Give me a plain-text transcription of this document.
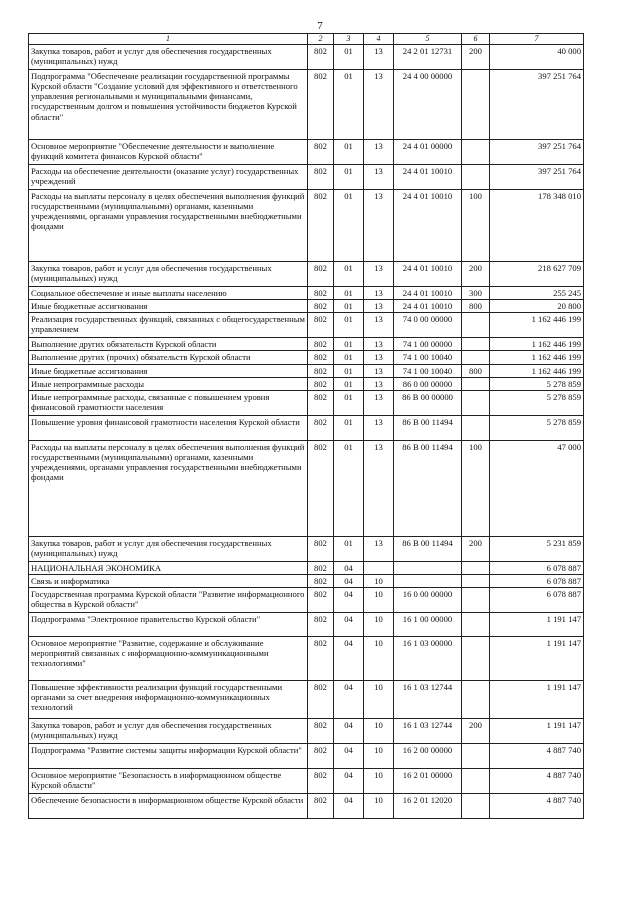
7
1	2	3	4	5	6	7
Закупка товаров, работ и услуг для обеспечения государственных (муниципальных) нужд	802	01	13	24 2 01 12731	200	40 000
Подпрограмма "Обеспечение реализации государственной программы Курской области "Создание условий для эффективного и ответственного управления региональными и муниципальными финансами, государственным долгом и повышения устойчивости бюджетов Курской области"	802	01	13	24 4 00 00000		397 251 764
Основное мероприятие "Обеспечение деятельности и выполнение функций комитета финансов Курской области"	802	01	13	24 4 01 00000		397 251 764
Расходы на обеспечение деятельности (оказание услуг) государственных учреждений	802	01	13	24 4 01 10010		397 251 764
Расходы на выплаты персоналу в целях обеспечения выполнения функций государственными (муниципальными) органами, казенными учреждениями, органами управления государственными внебюджетными фондами	802	01	13	24 4 01 10010	100	178 348 010
Закупка товаров, работ и услуг для обеспечения государственных (муниципальных) нужд	802	01	13	24 4 01 10010	200	218 627 709
Социальное обеспечение и иные выплаты населению	802	01	13	24 4 01 10010	300	255 245
Иные бюджетные ассигнования	802	01	13	24 4 01 10010	800	20 800
Реализация государственных функций, связанных с общегосударственным управлением	802	01	13	74 0 00 00000		1 162 446 199
Выполнение других обязательств Курской области	802	01	13	74 1 00 00000		1 162 446 199
Выполнение других (прочих) обязательств Курской области	802	01	13	74 1 00 10040		1 162 446 199
Иные бюджетные ассигнования	802	01	13	74 1 00 10040	800	1 162 446 199
Иные непрограммные расходы	802	01	13	86 0 00 00000		5 278 859
Иные непрограммные расходы, связанные с повышением уровня финансовой грамотности населения	802	01	13	86 В 00 00000		5 278 859
Повышение уровня финансовой грамотности населения Курской области	802	01	13	86 В 00 11494		5 278 859
Расходы на выплаты персоналу в целях обеспечения выполнения функций государственными (муниципальными) органами, казенными учреждениями, органами управления государственными внебюджетными фондами	802	01	13	86 В 00 11494	100	47 000
Закупка товаров, работ и услуг для обеспечения государственных (муниципальных) нужд	802	01	13	86 В 00 11494	200	5 231 859
НАЦИОНАЛЬНАЯ ЭКОНОМИКА	802	04				6 078 887
Связь и информатика	802	04	10			6 078 887
Государственная программа Курской области "Развитие информационного общества в Курской области"	802	04	10	16 0 00 00000		6 078 887
Подпрограмма "Электронное правительство Курской области"	802	04	10	16 1 00 00000		1 191 147
Основное мероприятие "Развитие, содержание и обслуживание мероприятий связанных с информационно-коммуникационными технологиями"	802	04	10	16 1 03 00000		1 191 147
Повышение эффективности реализации функций государственными органами за счет внедрения информационно-коммуникационных технологий	802	04	10	16 1 03 12744		1 191 147
Закупка товаров, работ и услуг для обеспечения государственных (муниципальных) нужд	802	04	10	16 1 03 12744	200	1 191 147
Подпрограмма "Развитие системы защиты информации Курской области"	802	04	10	16 2 00 00000		4 887 740
Основное мероприятие "Безопасность в информационном обществе Курской области"	802	04	10	16 2 01 00000		4 887 740
Обеспечение безопасности в информационном обществе Курской области	802	04	10	16 2 01 12020		4 887 740
